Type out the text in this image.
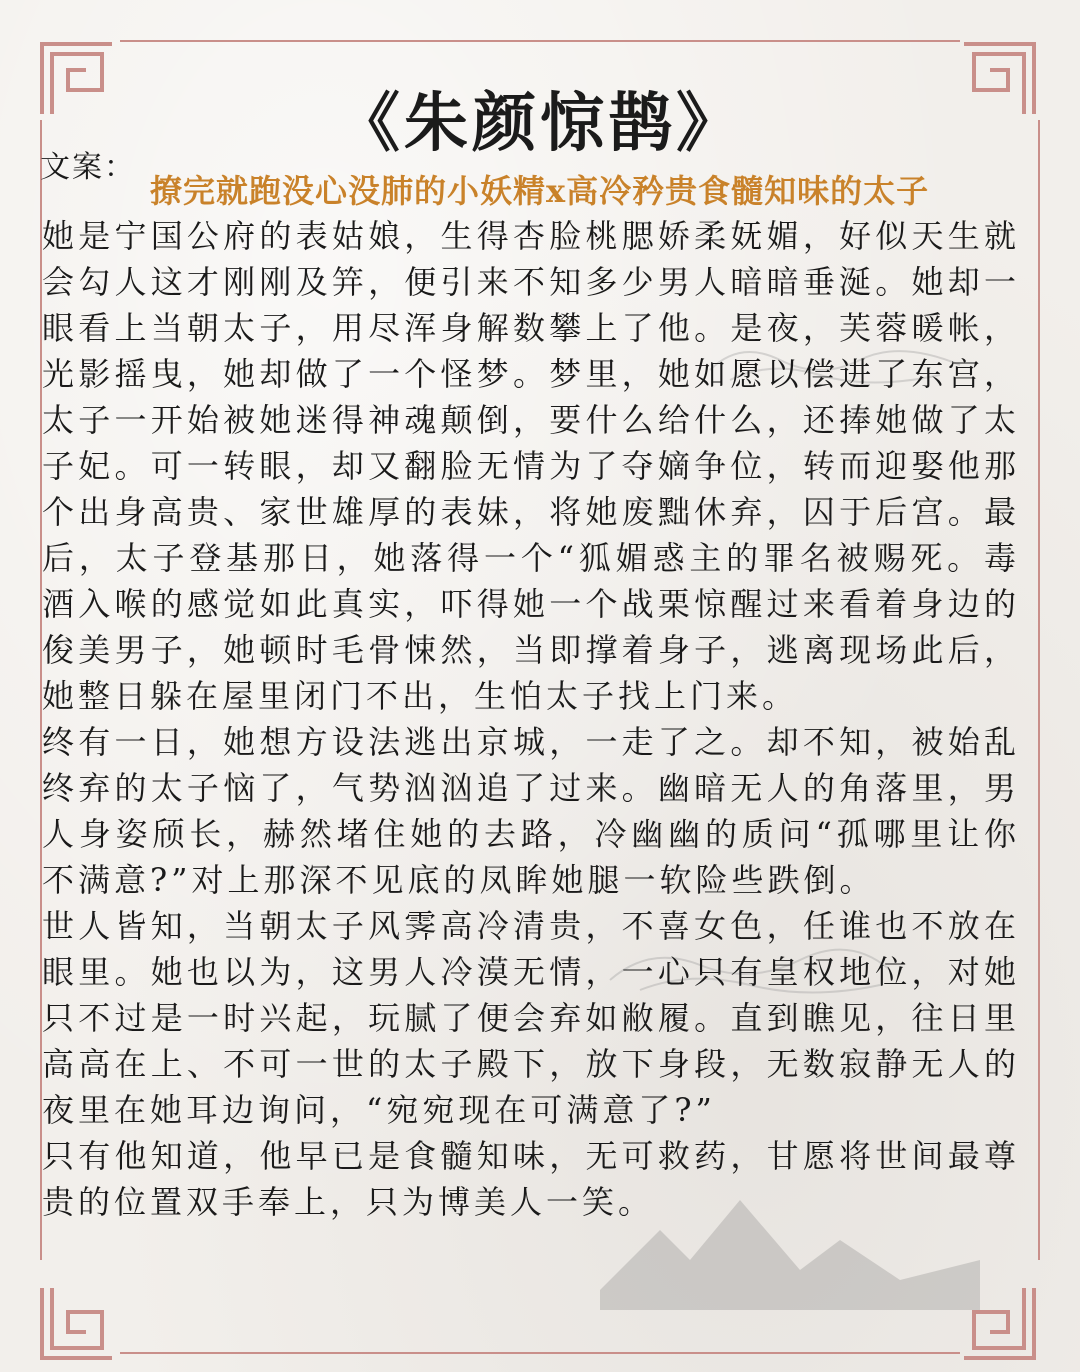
《朱颜惊鹊》
文案：
撩完就跑没心没肺的小妖精x高冷矜贵食髓知味的太子

她是宁国公府的表姑娘，生得杏脸桃腮娇柔妩媚，好似天生就会勾人这才刚刚及笄，便引来不知多少男人暗暗垂涎。她却一眼看上当朝太子，用尽浑身解数攀上了他。是夜，芙蓉暖帐，光影摇曳，她却做了一个怪梦。梦里，她如愿以偿进了东宫，太子一开始被她迷得神魂颠倒，要什么给什么，还捧她做了太子妃。可一转眼，却又翻脸无情为了夺嫡争位，转而迎娶他那个出身高贵、家世雄厚的表妹，将她废黜休弃，囚于后宫。最后，太子登基那日，她落得一个“狐媚惑主的罪名被赐死。毒酒入喉的感觉如此真实，吓得她一个战栗惊醒过来看着身边的俊美男子，她顿时毛骨悚然，当即撑着身子，逃离现场此后，她整日躲在屋里闭门不出，生怕太子找上门来。

终有一日，她想方设法逃出京城，一走了之。却不知，被始乱终弃的太子恼了，气势汹汹追了过来。幽暗无人的角落里，男人身姿颀长，赫然堵住她的去路，冷幽幽的质问“孤哪里让你不满意?”对上那深不见底的凤眸她腿一软险些跌倒。

世人皆知，当朝太子风霁高冷清贵，不喜女色，任谁也不放在眼里。她也以为，这男人冷漠无情，一心只有皇权地位，对她只不过是一时兴起，玩腻了便会弃如敝履。直到瞧见，往日里高高在上、不可一世的太子殿下，放下身段，无数寂静无人的夜里在她耳边询问，“宛宛现在可满意了?”

只有他知道，他早已是食髓知味，无可救药，甘愿将世间最尊贵的位置双手奉上，只为博美人一笑。
